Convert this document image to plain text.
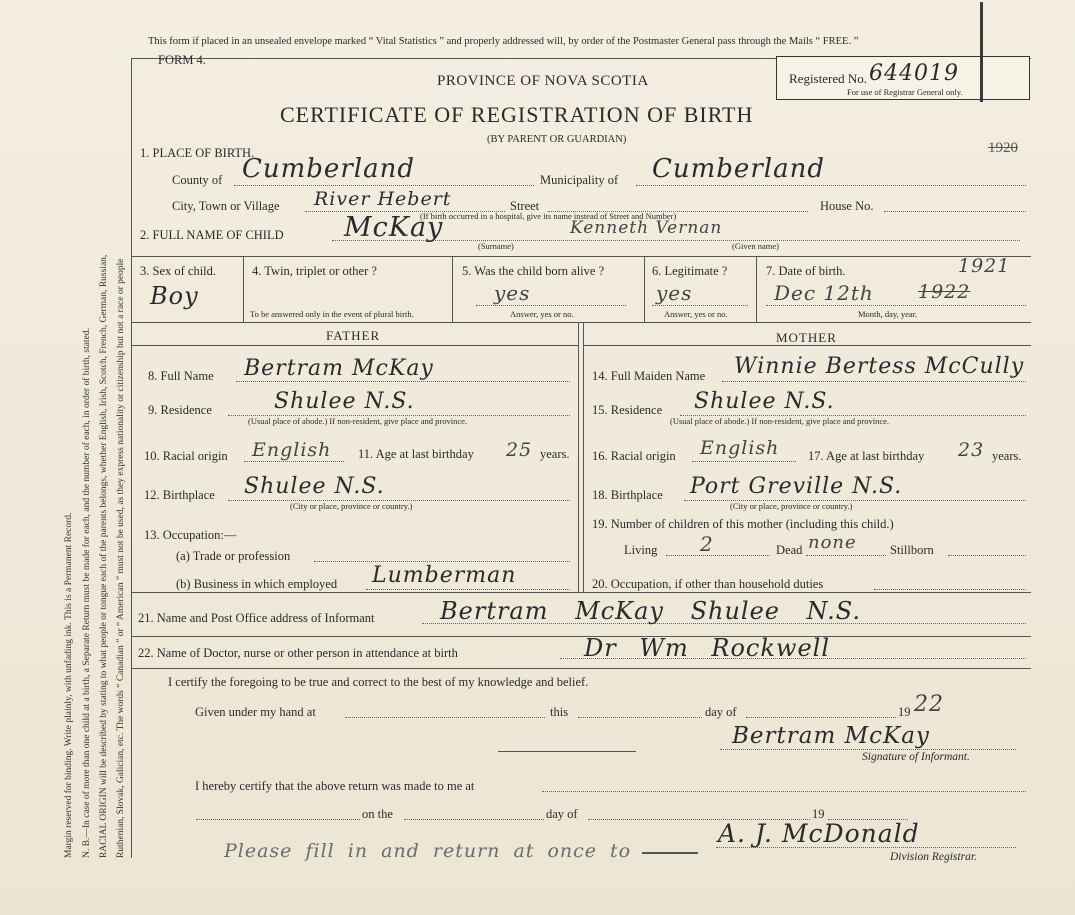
Margin reserved for binding. Write plainly, with unfading ink. This is a Permanent Record. N. B.—In case of more than one child at a birth, a Separate Return must be made for each, and the number of each, in order of birth, stated. RACIAL ORIGIN will be described by stating to what people or tongue each of the parents belongs, whether English, Irish, Scotch, French, German, Russian, Ruthenian, Slovak, Galician, etc. The words “ Canadian ” or “ American ” must not be used, as they express nationality or citizenship but not a race or people
This form if placed in an unsealed envelope marked “ Vital Statistics ” and properly addressed will, by order of the Postmaster General pass through the Mails “ FREE. ”
FORM 4.
PROVINCE OF NOVA SCOTIA
CERTIFICATE OF REGISTRATION OF BIRTH
(BY PARENT OR GUARDIAN)
Registered No. 644019
For use of Registrar General only.
1920
1. PLACE OF BIRTH.
County of Cumberland	Municipality of Cumberland
City, Town or Village River Hebert	Street	House No.
(If birth occurred in a hospital, give its name instead of Street and Number)
2. FULL NAME OF CHILD McKay	Kenneth Vernan
(Surname)	(Given name)
3. Sex of child.
Boy
4. Twin, triplet or other ?
To be answered only in the event of plural birth.
5. Was the child born alive ?
yes
Answer, yes or no.
6. Legitimate ?
yes
Answer, yes or no.
7. Date of birth.	1921
Dec 12th 1922
Month, day, year.
FATHER	MOTHER
8. Full Name Bertram McKay
9. Residence	Shulee N.S.
(Usual place of abode.) If non-resident, give place and province.
10. Racial origin English 11. Age at last birthday 25 years.
12. Birthplace Shulee N.S.
(City or place, province or country.)
13. Occupation:—
(a) Trade or profession
(b) Business in which employed Lumberman
14. Full Maiden Name Winnie Bertess McCully
15. Residence Shulee N.S.
(Usual place of abode.) If non-resident, give place and province.
16. Racial origin English 17. Age at last birthday 23 years.
18. Birthplace Port Greville N.S.
(City or place, province or country.)
19. Number of children of this mother (including this child.)
Living 2	Dead none	Stillborn
20. Occupation, if other than household duties
21. Name and Post Office address of Informant	Bertram McKay Shulee N.S.
22. Name of Doctor, nurse or other person in attendance at birth	Dr Wm Rockwell
I certify the foregoing to be true and correct to the best of my knowledge and belief.
Given under my hand at	this	day of	19 22
Bertram McKay
Signature of Informant.
I hereby certify that the above return was made to me at
on the	day of	19
Please fill in and return at once to
A. J. McDonald
Division Registrar.
